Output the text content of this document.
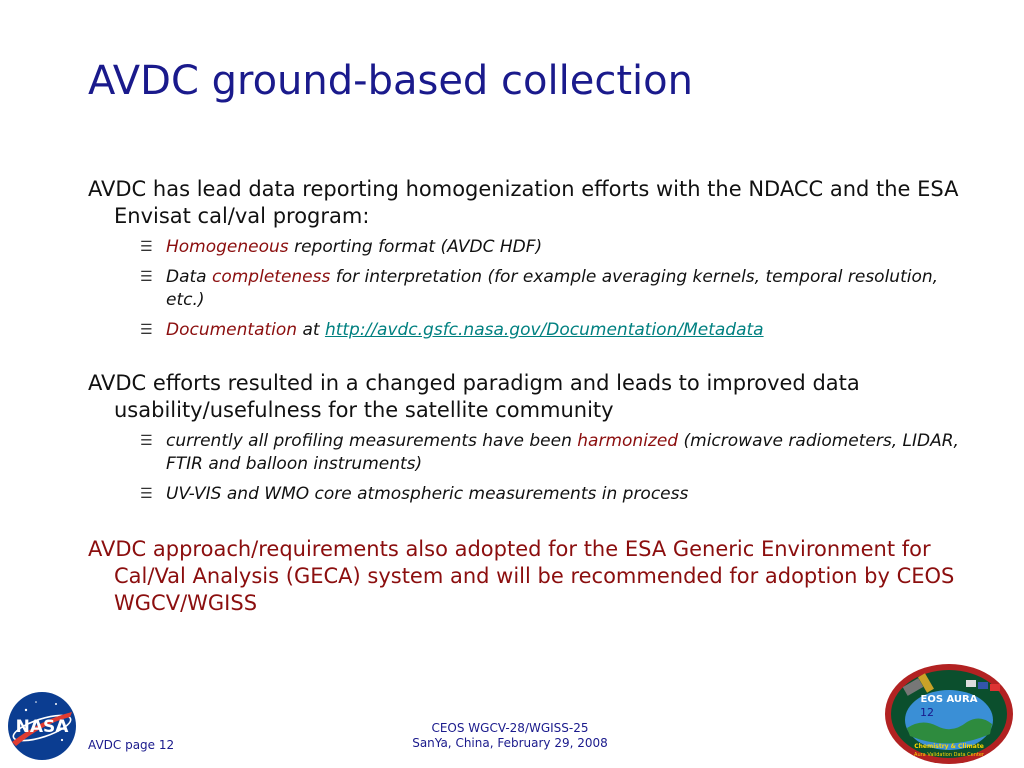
AVDC ground-based collection

AVDC has lead data reporting homogenization efforts with the NDACC and the ESA Envisat cal/val program:

☰ Homogeneous reporting format (AVDC HDF)
☰ Data completeness for interpretation (for example averaging kernels, temporal resolution, etc.)
☰ Documentation at http://avdc.gsfc.nasa.gov/Documentation/Metadata

AVDC efforts resulted in a changed paradigm and leads to improved data usability/usefulness for the satellite community

☰ currently all profiling measurements have been harmonized (microwave radiometers, LIDAR, FTIR and balloon instruments)
☰ UV-VIS and WMO core atmospheric measurements in process

AVDC approach/requirements also adopted for the ESA Generic Environment for Cal/Val Analysis (GECA) system and will be recommended for adoption by CEOS WGCV/WGISS

NASA
EOS AURA
Chemistry & Climate
Aura Validation Data Center
12
AVDC page 12
CEOS WGCV-28/WGISS-25
SanYa, China, February 29, 2008
